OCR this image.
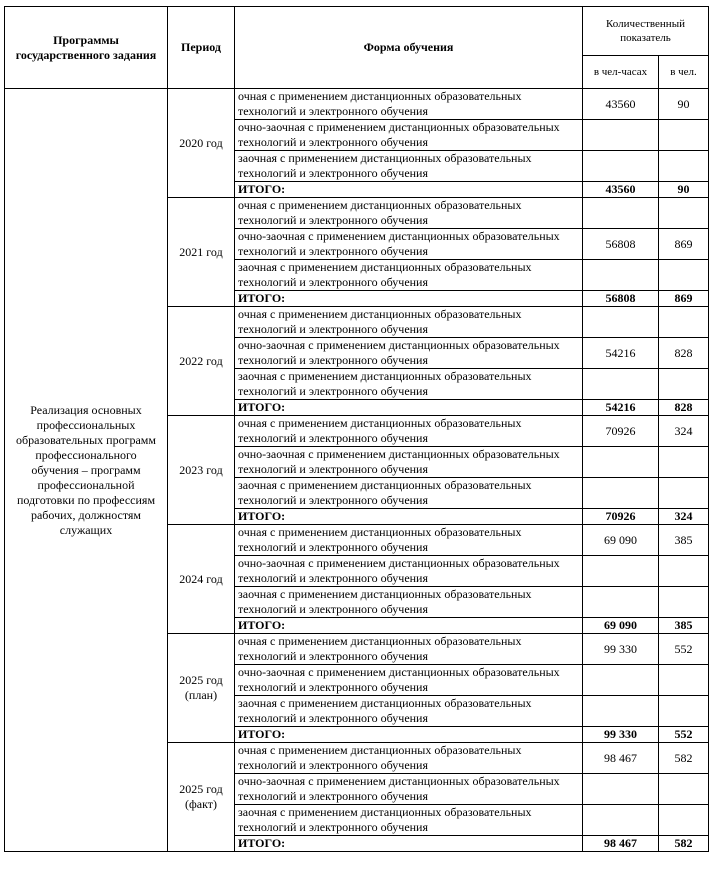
Программы государственного задания	Период	Форма обучения	Количественный показатель	
			в чел-часах	в чел.
Реализация основных профессиональных образовательных программ профессионального обучения – программ профессиональной подготовки по профессиям рабочих, должностям служащих	2020 год	очная с применением дистанционных образовательных технологий и электронного обучения	43560	90
		очно-заочная с применением дистанционных образовательных технологий и электронного обучения		
		заочная с применением дистанционных образовательных технологий и электронного обучения		
		ИТОГО:	43560	90
	2021 год	очная с применением дистанционных образовательных технологий и электронного обучения		
		очно-заочная с применением дистанционных образовательных технологий и электронного обучения	56808	869
		заочная с применением дистанционных образовательных технологий и электронного обучения		
		ИТОГО:	56808	869
	2022 год	очная с применением дистанционных образовательных технологий и электронного обучения		
		очно-заочная с применением дистанционных образовательных технологий и электронного обучения	54216	828
		заочная с применением дистанционных образовательных технологий и электронного обучения		
		ИТОГО:	54216	828
	2023 год	очная с применением дистанционных образовательных технологий и электронного обучения	70926	324
		очно-заочная с применением дистанционных образовательных технологий и электронного обучения		
		заочная с применением дистанционных образовательных технологий и электронного обучения		
		ИТОГО:	70926	324
	2024 год	очная с применением дистанционных образовательных технологий и электронного обучения	69 090	385
		очно-заочная с применением дистанционных образовательных технологий и электронного обучения		
		заочная с применением дистанционных образовательных технологий и электронного обучения		
		ИТОГО:	69 090	385
	2025 год (план)	очная с применением дистанционных образовательных технологий и электронного обучения	99 330	552
		очно-заочная с применением дистанционных образовательных технологий и электронного обучения		
		заочная с применением дистанционных образовательных технологий и электронного обучения		
		ИТОГО:	99 330	552
	2025 год (факт)	очная с применением дистанционных образовательных технологий и электронного обучения	98 467	582
		очно-заочная с применением дистанционных образовательных технологий и электронного обучения		
		заочная с применением дистанционных образовательных технологий и электронного обучения		
		ИТОГО:	98 467	582
